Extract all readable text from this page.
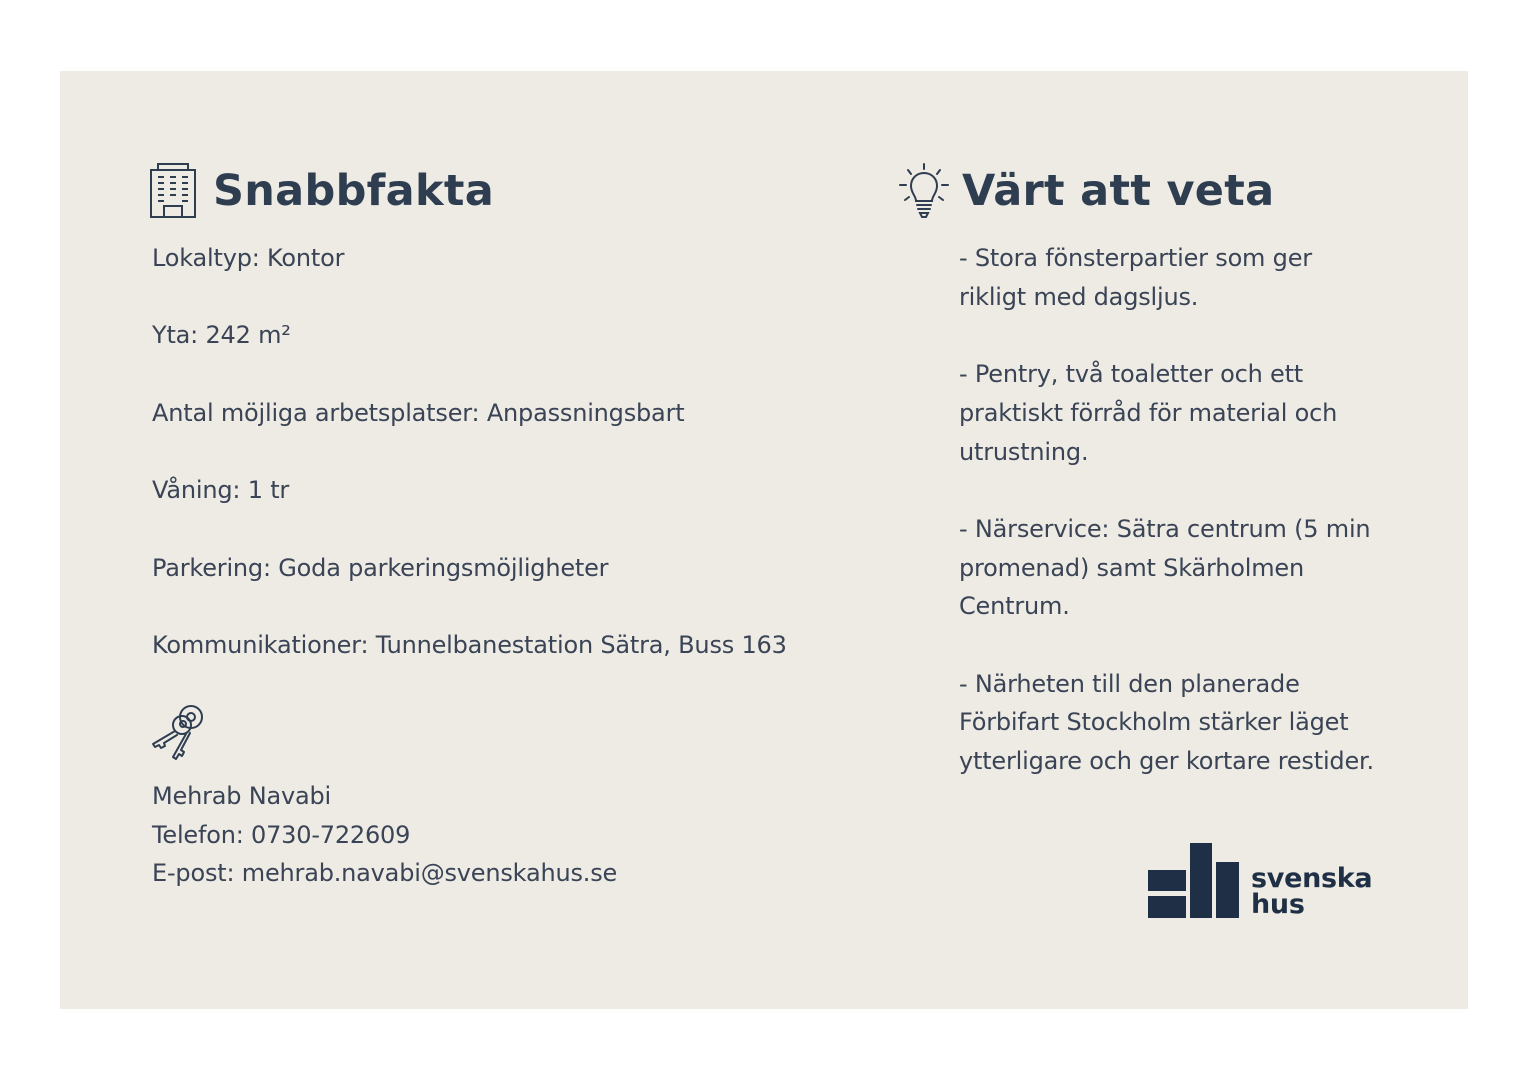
Snabbfakta
Lokaltyp: Kontor
Yta: 242 m²
Antal möjliga arbetsplatser: Anpassningsbart
Våning: 1 tr
Parkering: Goda parkeringsmöjligheter
Kommunikationer: Tunnelbanestation Sätra, Buss 163
Mehrab Navabi
Telefon: 0730-722609
E-post: mehrab.navabi@svenskahus.se
Värt att veta
- Stora fönsterpartier som ger rikligt med dagsljus.
- Pentry, två toaletter och ett praktiskt förråd för material och utrustning.
- Närservice: Sätra centrum (5 min promenad) samt Skärholmen Centrum.
- Närheten till den planerade Förbifart Stockholm stärker läget ytterligare och ger kortare restider.
svenska
hus
